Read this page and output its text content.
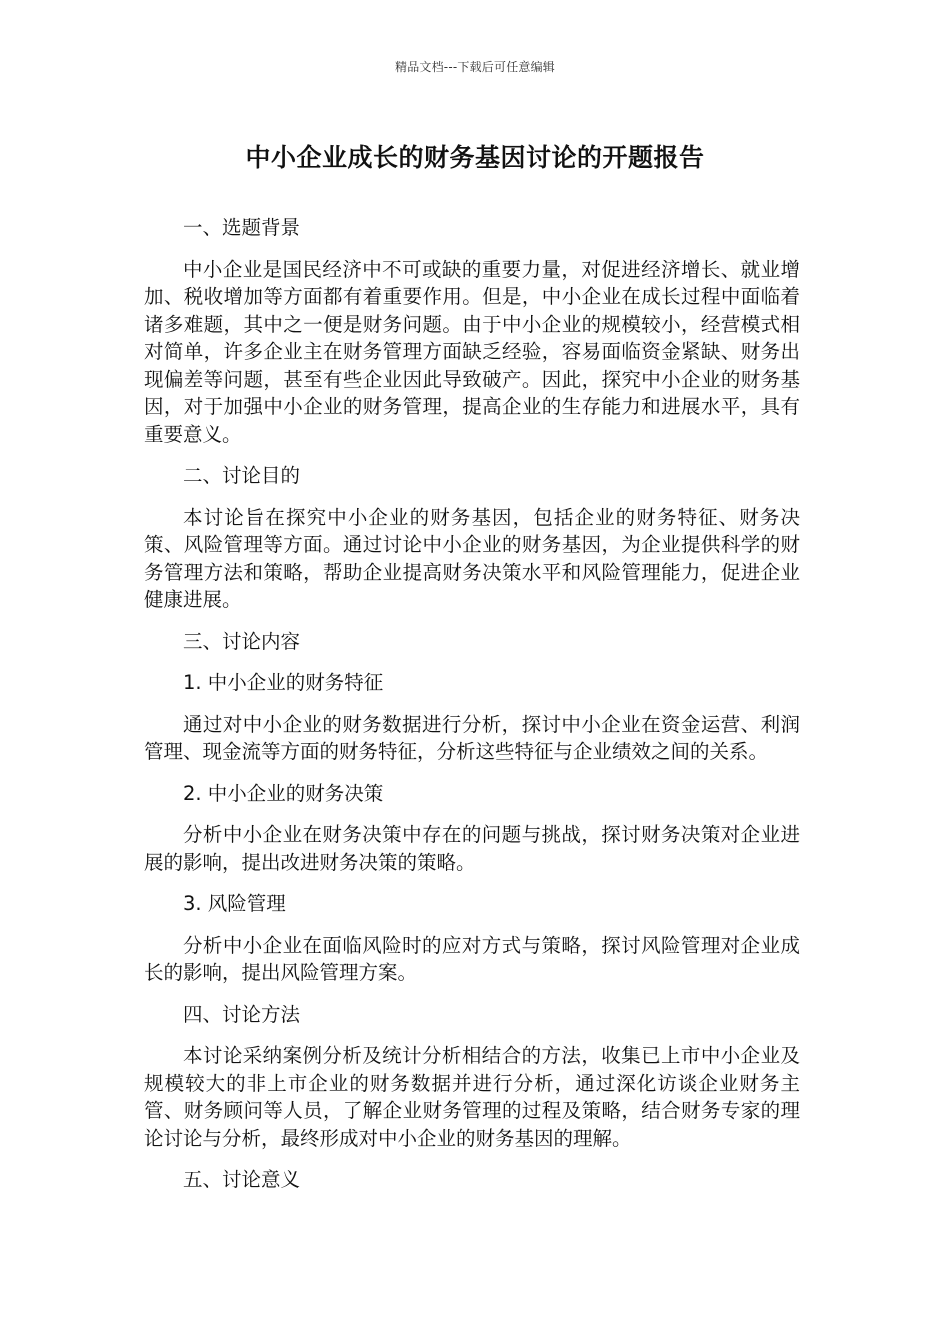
精品文档---下载后可任意编辑
中小企业成长的财务基因讨论的开题报告

一、选题背景

中小企业是国民经济中不可或缺的重要力量，对促进经济增长、就业增加、税收增加等方面都有着重要作用。但是，中小企业在成长过程中面临着诸多难题，其中之一便是财务问题。由于中小企业的规模较小，经营模式相对简单，许多企业主在财务管理方面缺乏经验，容易面临资金紧缺、财务出现偏差等问题，甚至有些企业因此导致破产。因此，探究中小企业的财务基因，对于加强中小企业的财务管理，提高企业的生存能力和进展水平，具有重要意义。

二、讨论目的

本讨论旨在探究中小企业的财务基因，包括企业的财务特征、财务决策、风险管理等方面。通过讨论中小企业的财务基因，为企业提供科学的财务管理方法和策略，帮助企业提高财务决策水平和风险管理能力，促进企业健康进展。

三、讨论内容

1. 中小企业的财务特征

通过对中小企业的财务数据进行分析，探讨中小企业在资金运营、利润管理、现金流等方面的财务特征，分析这些特征与企业绩效之间的关系。

2. 中小企业的财务决策

分析中小企业在财务决策中存在的问题与挑战，探讨财务决策对企业进展的影响，提出改进财务决策的策略。

3. 风险管理

分析中小企业在面临风险时的应对方式与策略，探讨风险管理对企业成长的影响，提出风险管理方案。

四、讨论方法

本讨论采纳案例分析及统计分析相结合的方法，收集已上市中小企业及规模较大的非上市企业的财务数据并进行分析，通过深化访谈企业财务主管、财务顾问等人员，了解企业财务管理的过程及策略，结合财务专家的理论讨论与分析，最终形成对中小企业的财务基因的理解。

五、讨论意义
